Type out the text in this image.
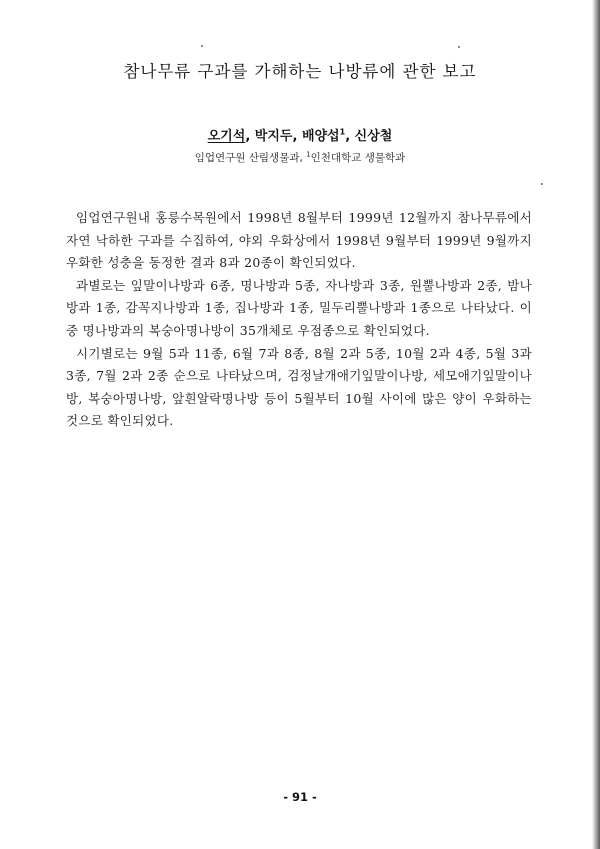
참나무류 구과를 가해하는 나방류에 관한 보고
오기석, 박지두, 배양섭$^1$, 신상철
임업연구원 산림생물과, $^1$인천대학교 생물학과

임업연구원내 홍릉수목원에서 1998년 8월부터 1999년 12월까지 참나무류에서 자연 낙하한 구과를 수집하여, 야외 우화상에서 1998년 9월부터 1999년 9월까지 우화한 성충을 동정한 결과 8과 20종이 확인되었다.

과별로는 잎말이나방과 6종, 명나방과 5종, 자나방과 3종, 원뿔나방과 2종, 밤나방과 1종, 감꼭지나방과 1종, 집나방과 1종, 밀두리뿔나방과 1종으로 나타났다. 이중 명나방과의 복숭아명나방이 35개체로 우점종으로 확인되었다.

시기별로는 9월 5과 11종, 6월 7과 8종, 8월 2과 5종, 10월 2과 4종, 5월 3과 3종, 7월 2과 2종 순으로 나타났으며, 검정날개애기잎말이나방, 세모애기잎말이나방, 복숭아명나방, 앞흰알락명나방 등이 5월부터 10월 사이에 많은 양이 우화하는 것으로 확인되었다.

- 91 -
